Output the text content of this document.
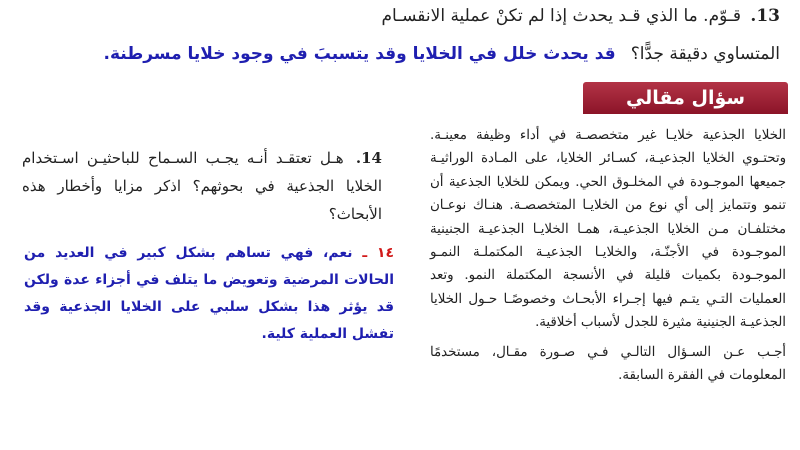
13. قـوّم. ما الذي قـد يحدث إذا لم تكنْ عملية الانقسـام
المتساوي دقيقة جدًّا؟ قد يحدث خلل في الخلايا وقد يتسببَ في وجود خلايا مسرطنة.
سؤال مقالي

الخلايا الجذعية خلايـا غير متخصصـة في أداء وظيفة معينـة. وتحتـوي الخلايا الجذعيـة، كسـائر الخلايا، على المـادة الوراثيـة جميعها الموجـودة في المخلـوق الحي. ويمكن للخلايا الجذعية أن تنمو وتتمايز إلى أي نوع من الخلايـا المتخصصـة. هنـاك نوعـان مختلفـان مـن الخلايا الجذعيـة، همـا الخلايـا الجذعيـة الجنينية الموجـودة في الأجنّـة، والخلايـا الجذعيـة المكتملـة النمـو الموجـودة بكميات قليلة في الأنسجة المكتملة النمو. وتعد العمليات التـي يتـم فيها إجـراء الأبحـاث وخصوصًـا حـول الخلايا الجذعيـة الجنينية مثيرة للجدل لأسباب أخلاقية.

أجـب عـن السـؤال التالـي فـي صـورة مقـال، مستخدمًا المعلومات في الفقرة السابقة.

14. هـل تعتقـد أنـه يجـب السـماح للباحثيـن اسـتخدام الخلايا الجذعية في بحوثهم؟ اذكر مزايا وأخطار هذه الأبحاث؟
١٤ ـ نعم، فهي تساهم بشكل كبير في العديد من الحالات المرضية وتعويض ما يتلف في أجزاء عدة ولكن قد يؤثر هذا بشكل سلبي على الخلايا الجذعية وقد تفشل العملية كلية.
